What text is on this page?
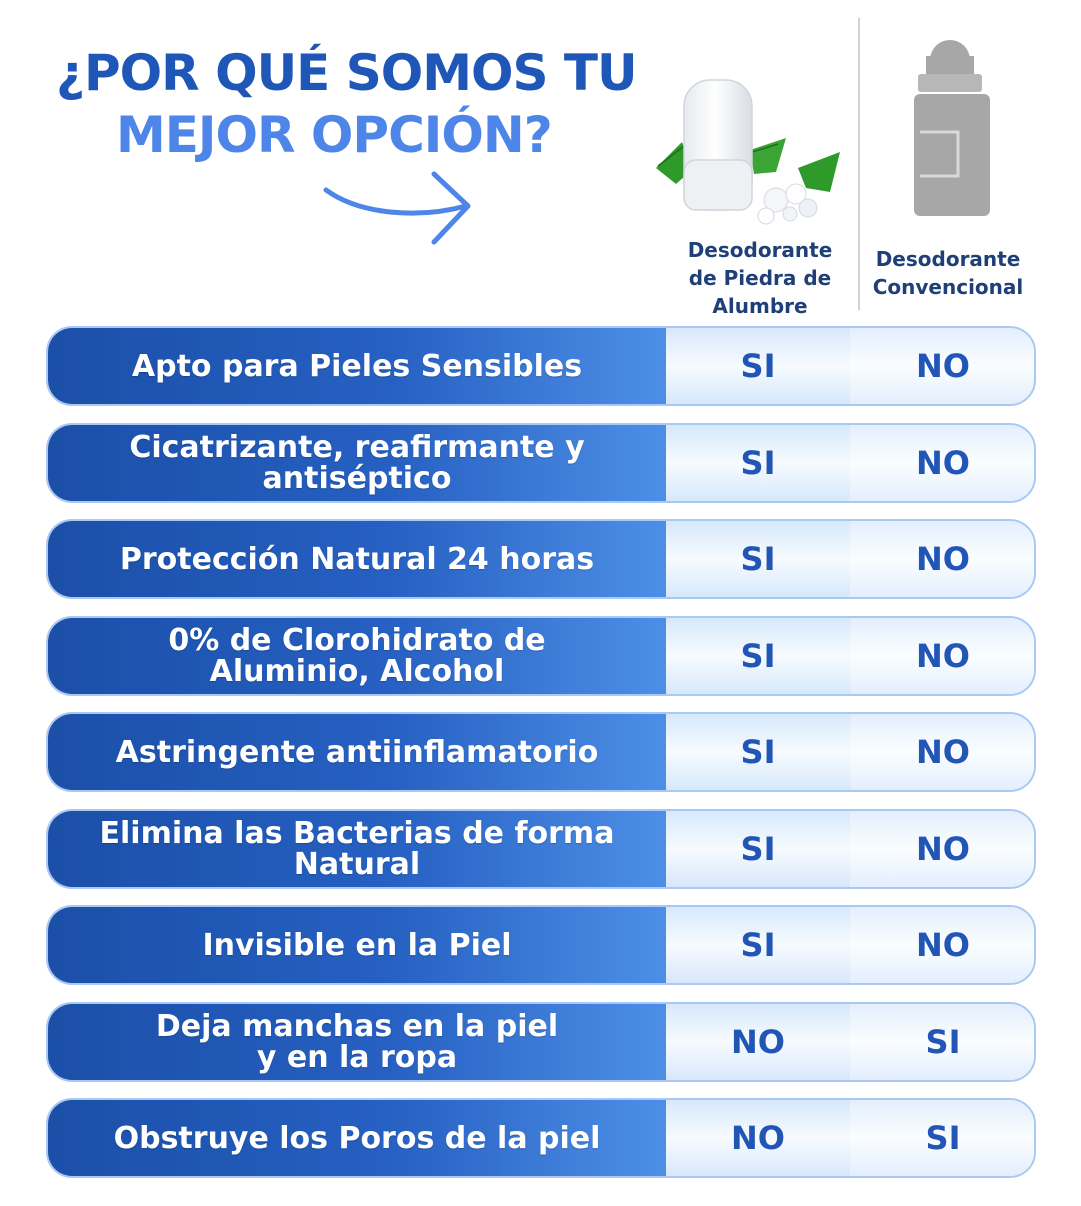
¿POR QUÉ SOMOS TU
MEJOR OPCIÓN?
Desodorante
de Piedra de
Alumbre
Desodorante
Convencional
Apto para Pieles Sensibles	SI	NO
Cicatrizante, reafirmante y
antiséptico	SI	NO
Protección Natural 24 horas	SI	NO
0% de Clorohidrato de
Aluminio, Alcohol	SI	NO
Astringente antiinflamatorio	SI	NO
Elimina las Bacterias de forma
Natural	SI	NO
Invisible en la Piel	SI	NO
Deja manchas en la piel
y en la ropa	NO	SI
Obstruye los Poros de la piel	NO	SI
